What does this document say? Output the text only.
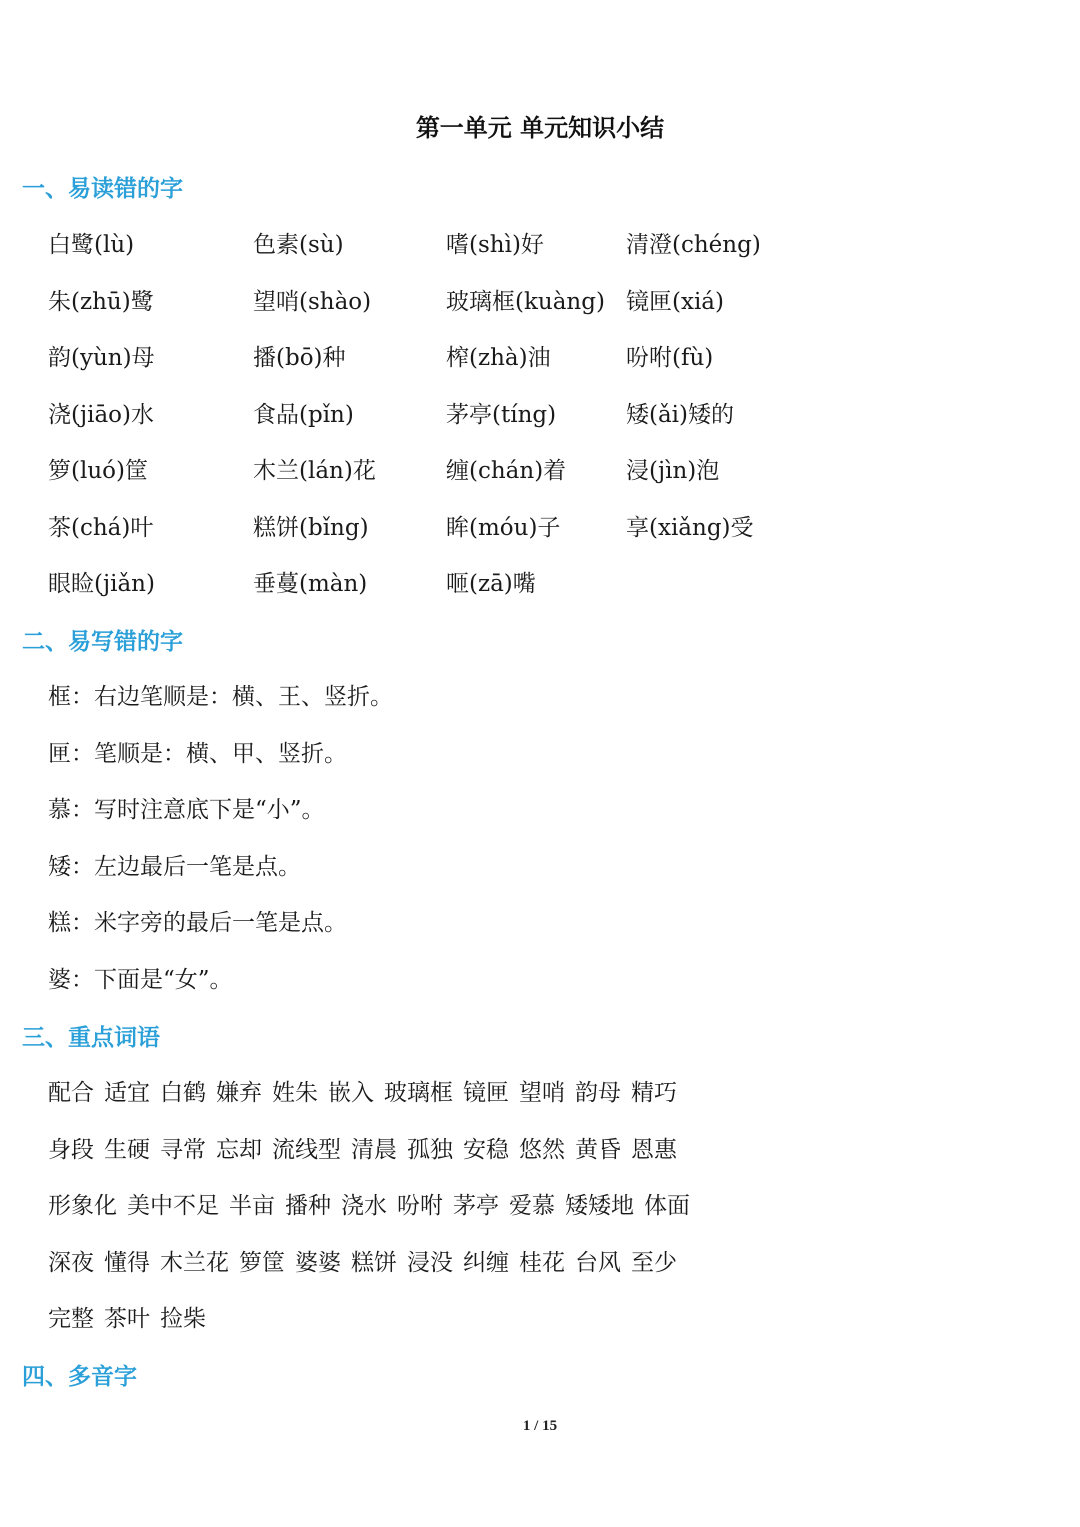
第一单元 单元知识小结
一、易读错的字
白鹭(lù)	色素(sù)	嗜(shì)好	清澄(chéng)
朱(zhū)鹭	望哨(shào)	玻璃框(kuàng) 镜匣(xiá)
韵(yùn)母	播(bō)种	榨(zhà)油	吩咐(fù)
浇(jiāo)水	食品(pǐn)	茅亭(tíng)	矮(ǎi)矮的
箩(luó)筐	木兰(lán)花	缠(chán)着	浸(jìn)泡
茶(chá)叶	糕饼(bǐng)	眸(móu)子	享(xiǎng)受
眼睑(jiǎn)	垂蔓(màn)	咂(zā)嘴
二、易写错的字
框：右边笔顺是：横、王、竖折。
匣：笔顺是：横、甲、竖折。
慕：写时注意底下是“小”。
矮：左边最后一笔是点。
糕：米字旁的最后一笔是点。
婆：下面是“女”。
三、重点词语
配合 适宜 白鹤 嫌弃 姓朱 嵌入 玻璃框 镜匣 望哨 韵母 精巧
身段 生硬 寻常 忘却 流线型 清晨 孤独 安稳 悠然 黄昏 恩惠
形象化 美中不足 半亩 播种 浇水 吩咐 茅亭 爱慕 矮矮地 体面
深夜 懂得 木兰花 箩筐 婆婆 糕饼 浸没 纠缠 桂花 台风 至少
完整 茶叶 捡柴
四、多音字
1 / 15
